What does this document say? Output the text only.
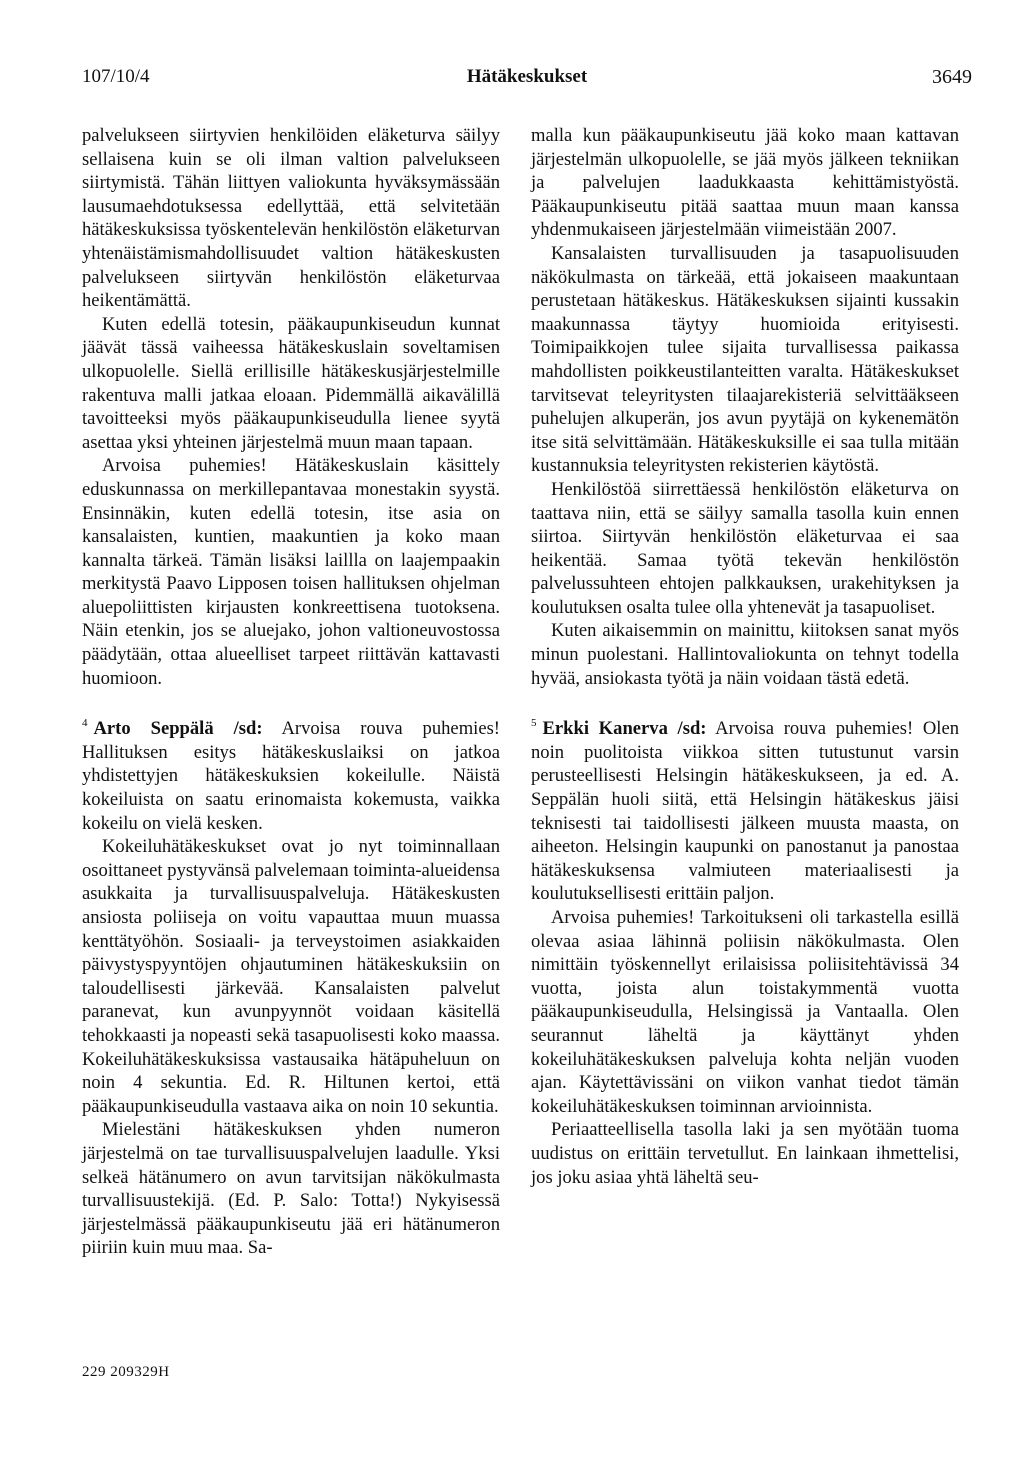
107/10/4	Hätäkeskukset	3649

palvelukseen siirtyvien henkilöiden eläketurva säilyy sellaisena kuin se oli ilman valtion palvelukseen siirtymistä. Tähän liittyen valiokunta hyväksymässään lausumaehdotuksessa edellyttää, että selvitetään hätäkeskuksissa työskentelevän henkilöstön eläketurvan yhtenäistämismahdollisuudet valtion hätäkeskusten palvelukseen siirtyvän henkilöstön eläketurvaa heikentämättä.

Kuten edellä totesin, pääkaupunkiseudun kunnat jäävät tässä vaiheessa hätäkeskuslain soveltamisen ulkopuolelle. Siellä erillisille hätäkeskusjärjestelmille rakentuva malli jatkaa eloaan. Pidemmällä aikavälillä tavoitteeksi myös pääkaupunkiseudulla lienee syytä asettaa yksi yhteinen järjestelmä muun maan tapaan.

Arvoisa puhemies! Hätäkeskuslain käsittely eduskunnassa on merkillepantavaa monestakin syystä. Ensinnäkin, kuten edellä totesin, itse asia on kansalaisten, kuntien, maakuntien ja koko maan kannalta tärkeä. Tämän lisäksi laillla on laajempaakin merkitystä Paavo Lipposen toisen hallituksen ohjelman aluepoliittisten kirjausten konkreettisena tuotoksena. Näin etenkin, jos se aluejako, johon valtioneuvostossa päädytään, ottaa alueelliset tarpeet riittävän kattavasti huomioon.

$^4$ Arto Seppälä /sd: Arvoisa rouva puhemies! Hallituksen esitys hätäkeskuslaiksi on jatkoa yhdistettyjen hätäkeskuksien kokeilulle. Näistä kokeiluista on saatu erinomaista kokemusta, vaikka kokeilu on vielä kesken.

Kokeiluhätäkeskukset ovat jo nyt toiminnallaan osoittaneet pystyvänsä palvelemaan toiminta-alueidensa asukkaita ja turvallisuuspalveluja. Hätäkeskusten ansiosta poliiseja on voitu vapauttaa muun muassa kenttätyöhön. Sosiaali- ja terveystoimen asiakkaiden päivystyspyyntöjen ohjautuminen hätäkeskuksiin on taloudellisesti järkevää. Kansalaisten palvelut paranevat, kun avunpyynnöt voidaan käsitellä tehokkaasti ja nopeasti sekä tasapuolisesti koko maassa. Kokeiluhätäkeskuksissa vastausaika hätäpuheluun on noin 4 sekuntia. Ed. R. Hiltunen kertoi, että pääkaupunkiseudulla vastaava aika on noin 10 sekuntia.

Mielestäni hätäkeskuksen yhden numeron järjestelmä on tae turvallisuuspalvelujen laadulle. Yksi selkeä hätänumero on avun tarvitsijan näkökulmasta turvallisuustekijä. (Ed. P. Salo: Totta!) Nykyisessä järjestelmässä pääkaupunkiseutu jää eri hätänumeron piiriin kuin muu maa. Sa-

malla kun pääkaupunkiseutu jää koko maan kattavan järjestelmän ulkopuolelle, se jää myös jälkeen tekniikan ja palvelujen laadukkaasta kehittämistyöstä. Pääkaupunkiseutu pitää saattaa muun maan kanssa yhdenmukaiseen järjestelmään viimeistään 2007.

Kansalaisten turvallisuuden ja tasapuolisuuden näkökulmasta on tärkeää, että jokaiseen maakuntaan perustetaan hätäkeskus. Hätäkeskuksen sijainti kussakin maakunnassa täytyy huomioida erityisesti. Toimipaikkojen tulee sijaita turvallisessa paikassa mahdollisten poikkeustilanteitten varalta. Hätäkeskukset tarvitsevat teleyritysten tilaajarekisteriä selvittääkseen puhelujen alkuperän, jos avun pyytäjä on kykenemätön itse sitä selvittämään. Hätäkeskuksille ei saa tulla mitään kustannuksia teleyritysten rekisterien käytöstä.

Henkilöstöä siirrettäessä henkilöstön eläketurva on taattava niin, että se säilyy samalla tasolla kuin ennen siirtoa. Siirtyvän henkilöstön eläketurvaa ei saa heikentää. Samaa työtä tekevän henkilöstön palvelussuhteen ehtojen palkkauksen, urakehityksen ja koulutuksen osalta tulee olla yhtenevät ja tasapuoliset.

Kuten aikaisemmin on mainittu, kiitoksen sanat myös minun puolestani. Hallintovaliokunta on tehnyt todella hyvää, ansiokasta työtä ja näin voidaan tästä edetä.

$^5$ Erkki Kanerva /sd: Arvoisa rouva puhemies! Olen noin puolitoista viikkoa sitten tutustunut varsin perusteellisesti Helsingin hätäkeskukseen, ja ed. A. Seppälän huoli siitä, että Helsingin hätäkeskus jäisi teknisesti tai taidollisesti jälkeen muusta maasta, on aiheeton. Helsingin kaupunki on panostanut ja panostaa hätäkeskuksensa valmiuteen materiaalisesti ja koulutuksellisesti erittäin paljon.

Arvoisa puhemies! Tarkoitukseni oli tarkastella esillä olevaa asiaa lähinnä poliisin näkökulmasta. Olen nimittäin työskennellyt erilaisissa poliisitehtävissä 34 vuotta, joista alun toistakymmentä vuotta pääkaupunkiseudulla, Helsingissä ja Vantaalla. Olen seurannut läheltä ja käyttänyt yhden kokeiluhätäkeskuksen palveluja kohta neljän vuoden ajan. Käytettävissäni on viikon vanhat tiedot tämän kokeiluhätäkeskuksen toiminnan arvioinnista.

Periaatteellisella tasolla laki ja sen myötään tuoma uudistus on erittäin tervetullut. En lainkaan ihmettelisi, jos joku asiaa yhtä läheltä seu-

229 209329H
